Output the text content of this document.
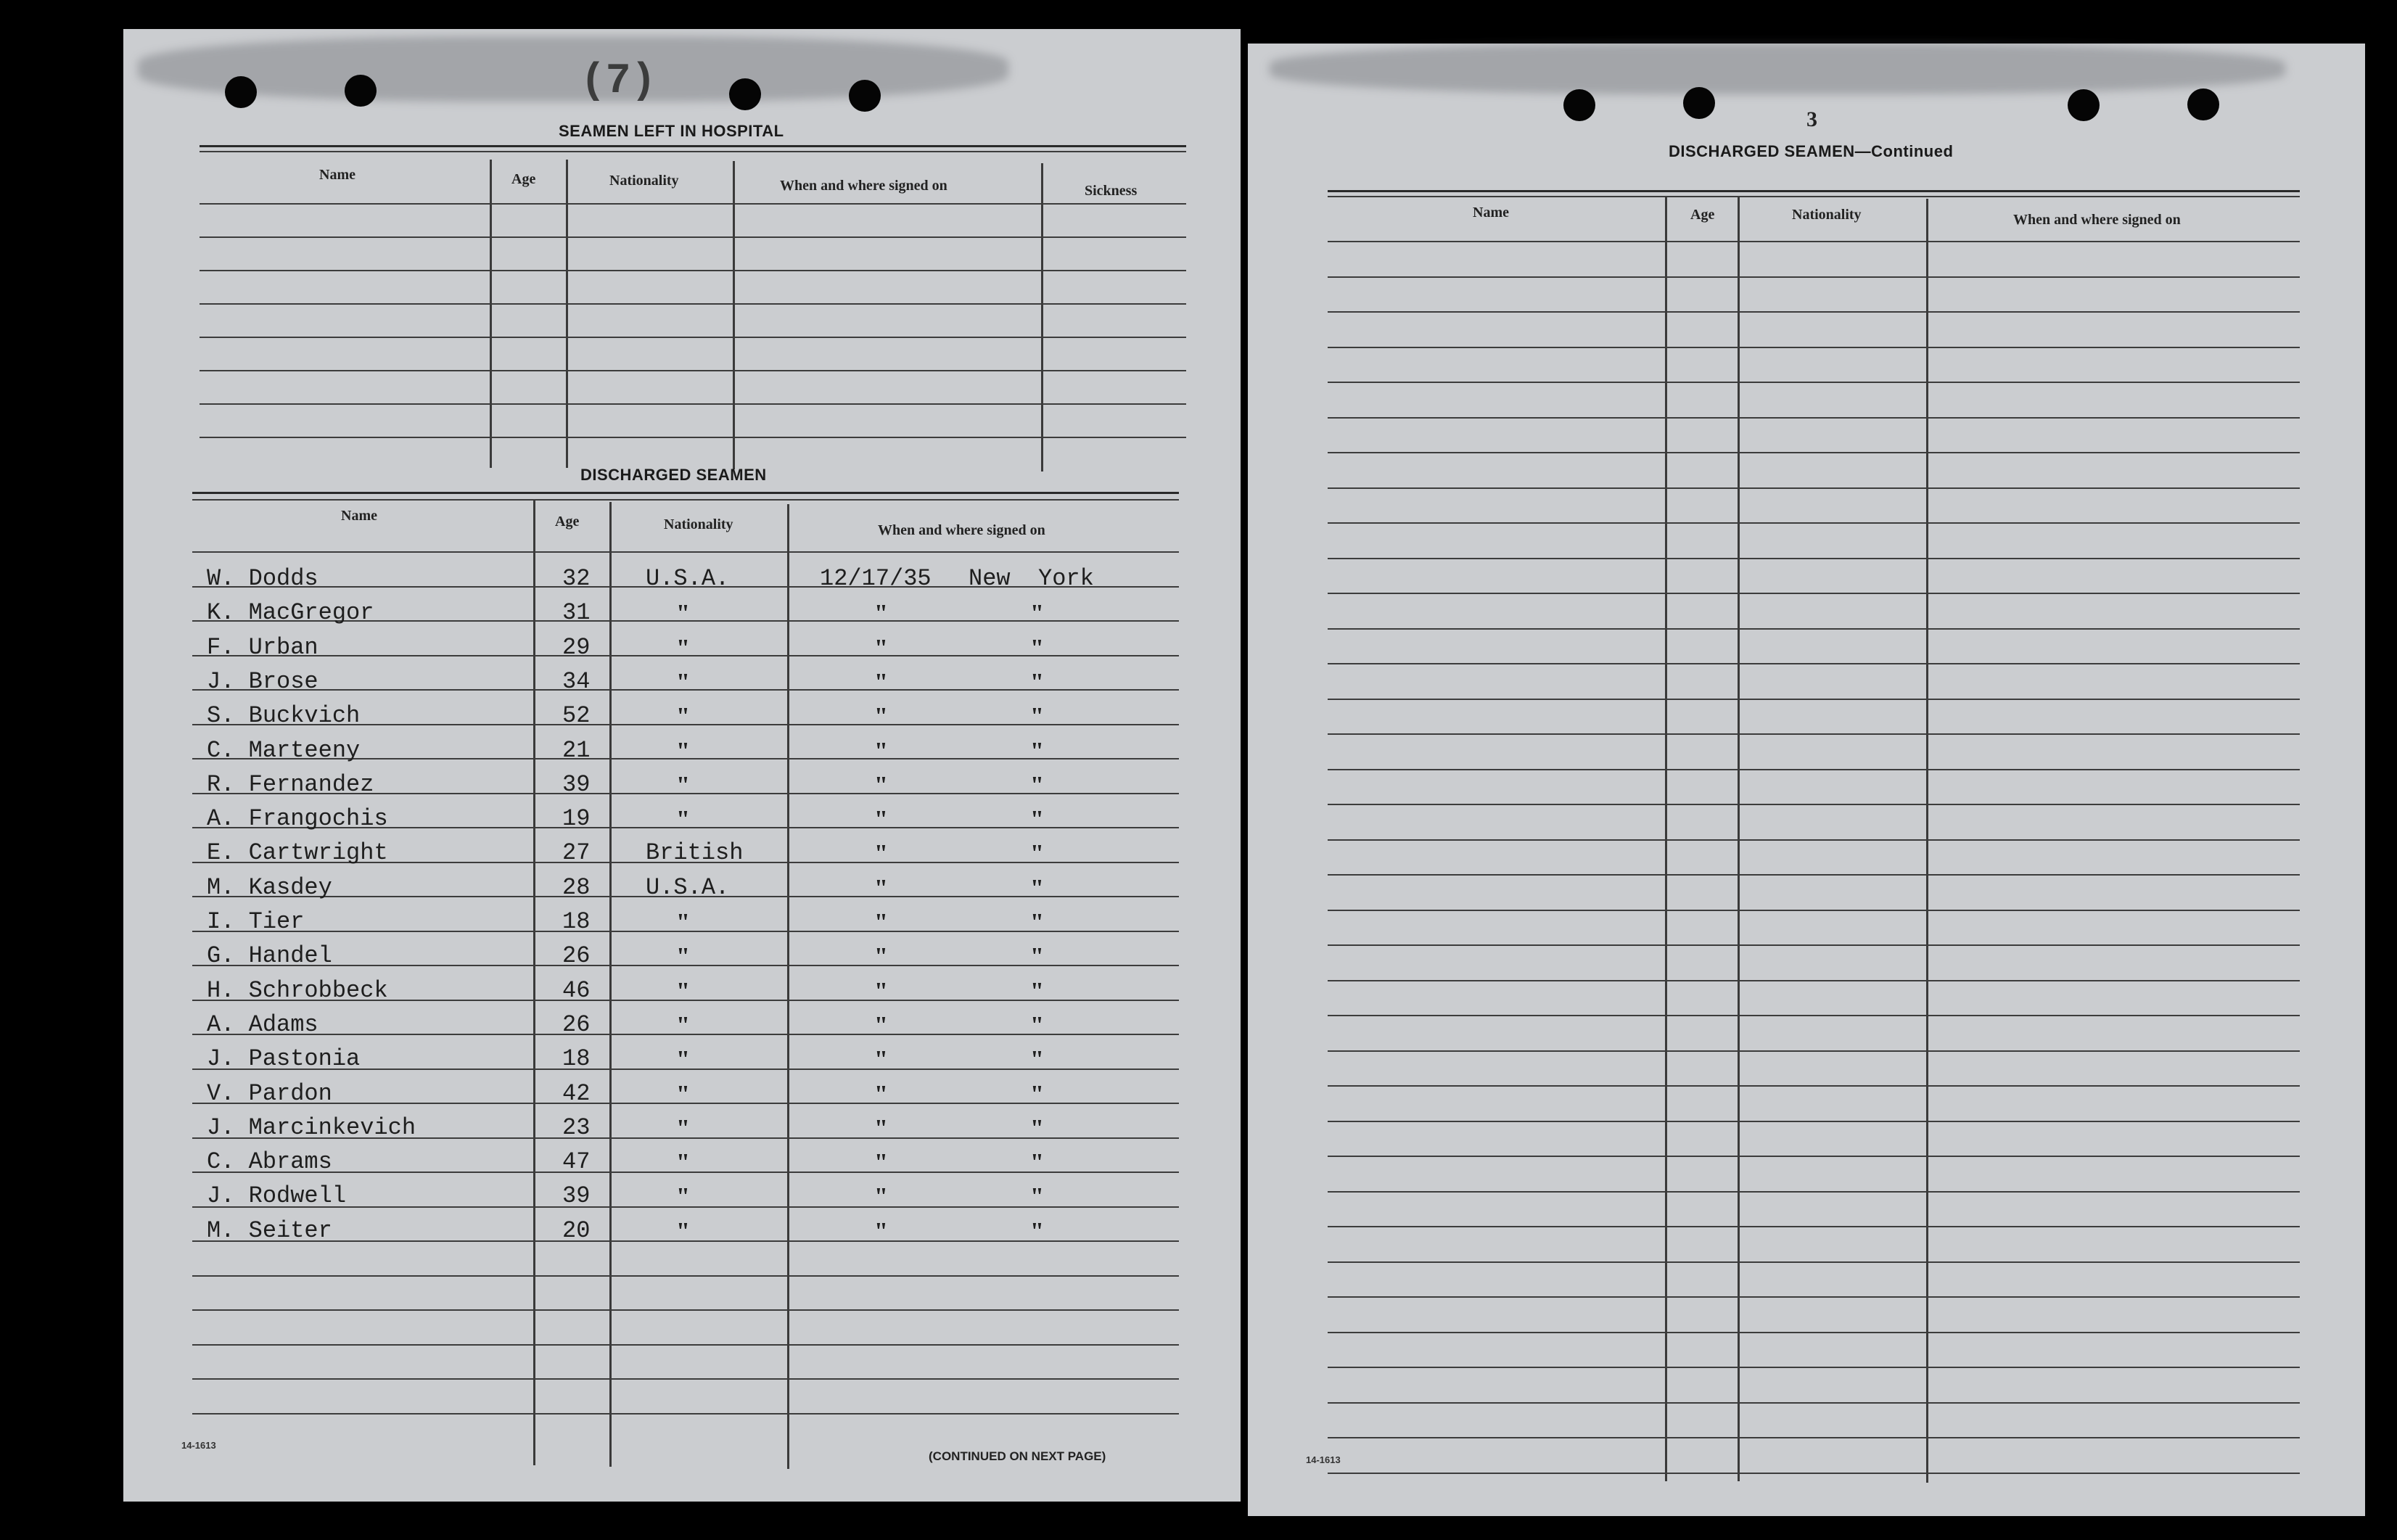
(7)
SEAMEN LEFT IN HOSPITAL
Name	Age	Nationality	When and where signed on	Sickness
DISCHARGED SEAMEN
Name	Age	Nationality	When and where signed on
W. Dodds	32 U.S.A.	12/17/35 New  York
K. MacGregor	31	"	"	"
F. Urban	29	"	"	"
J. Brose	34	"	"	"
S. Buckvich	52	"	"	"
C. Marteeny	21	"	"	"
R. Fernandez	39	"	"	"
A. Frangochis	19	"	"	"
E. Cartwright	27 British	"	"
M. Kasdey	28 U.S.A.	"	"
I. Tier	18	"	"	"
G. Handel	26	"	"	"
H. Schrobbeck	46	"	"	"
A. Adams	26	"	"	"
J. Pastonia	18	"	"	"
V. Pardon	42	"	"	"
J. Marcinkevich	23	"	"	"
C. Abrams	47	"	"	"
J. Rodwell	39	"	"	"
M. Seiter	20	"	"	"
14-1613
(CONTINUED ON NEXT PAGE)
3
DISCHARGED SEAMEN—Continued
Name	Age	Nationality	When and where signed on
14-1613
